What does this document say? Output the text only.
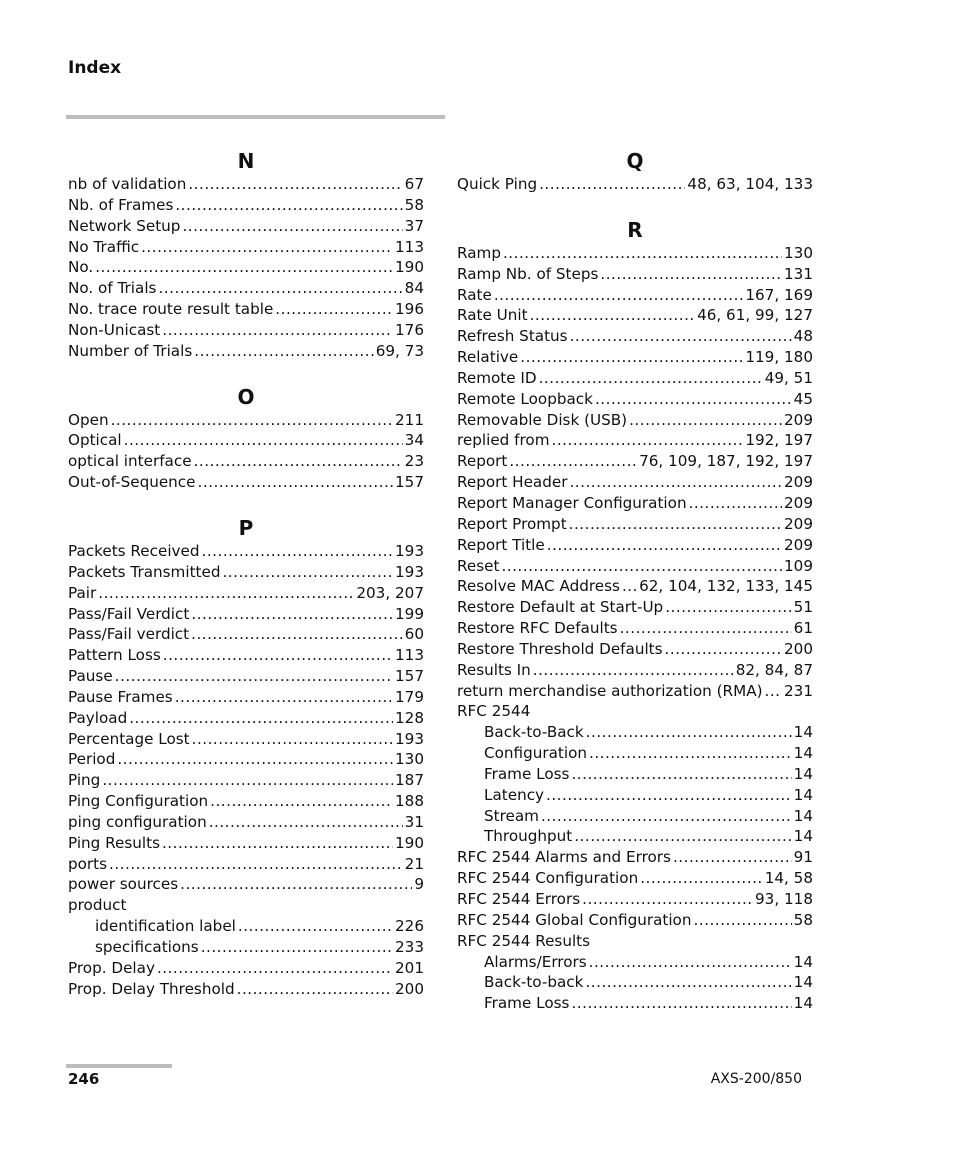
Index
N
nb of validation .....	67
Nb. of Frames .....	58
Network Setup .....	37
No Traffic .....	113
No. .....	190
No. of Trials .....	84
No. trace route result table .....	196
Non-Unicast .....	176
Number of Trials .....	69, 73
O
Open .....	211
Optical .....	34
optical interface .....	23
Out-of-Sequence .....	157
P
Packets Received .....	193
Packets Transmitted .....	193
Pair .....	203, 207
Pass/Fail Verdict .....	199
Pass/Fail verdict .....	60
Pattern Loss .....	113
Pause .....	157
Pause Frames .....	179
Payload .....	128
Percentage Lost .....	193
Period .....	130
Ping .....	187
Ping Configuration .....	188
ping configuration .....	31
Ping Results .....	190
ports .....	21
power sources .....	9
product
identification label .....	226
specifications .....	233
Prop. Delay .....	201
Prop. Delay Threshold .....	200
Q
Quick Ping .....	48, 63, 104, 133
R
Ramp .....	130
Ramp Nb. of Steps .....	131
Rate .....	167, 169
Rate Unit .....	46, 61, 99, 127
Refresh Status .....	48
Relative .....	119, 180
Remote ID .....	49, 51
Remote Loopback .....	45
Removable Disk (USB) .....	209
replied from .....	192, 197
Report .....	76, 109, 187, 192, 197
Report Header .....	209
Report Manager Configuration .....	209
Report Prompt .....	209
Report Title .....	209
Reset .....	109
Resolve MAC Address ..... 62, 104, 132, 133, 145
Restore Default at Start-Up .....	51
Restore RFC Defaults .....	61
Restore Threshold Defaults .....	200
Results In .....	82, 84, 87
return merchandise authorization (RMA) ..... 231
RFC 2544
Back-to-Back .....	14
Configuration .....	14
Frame Loss .....	14
Latency .....	14
Stream .....	14
Throughput .....	14
RFC 2544 Alarms and Errors .....	91
RFC 2544 Configuration .....	14, 58
RFC 2544 Errors .....	93, 118
RFC 2544 Global Configuration .....	58
RFC 2544 Results
Alarms/Errors .....	14
Back-to-back .....	14
Frame Loss .....	14
246	AXS-200/850
